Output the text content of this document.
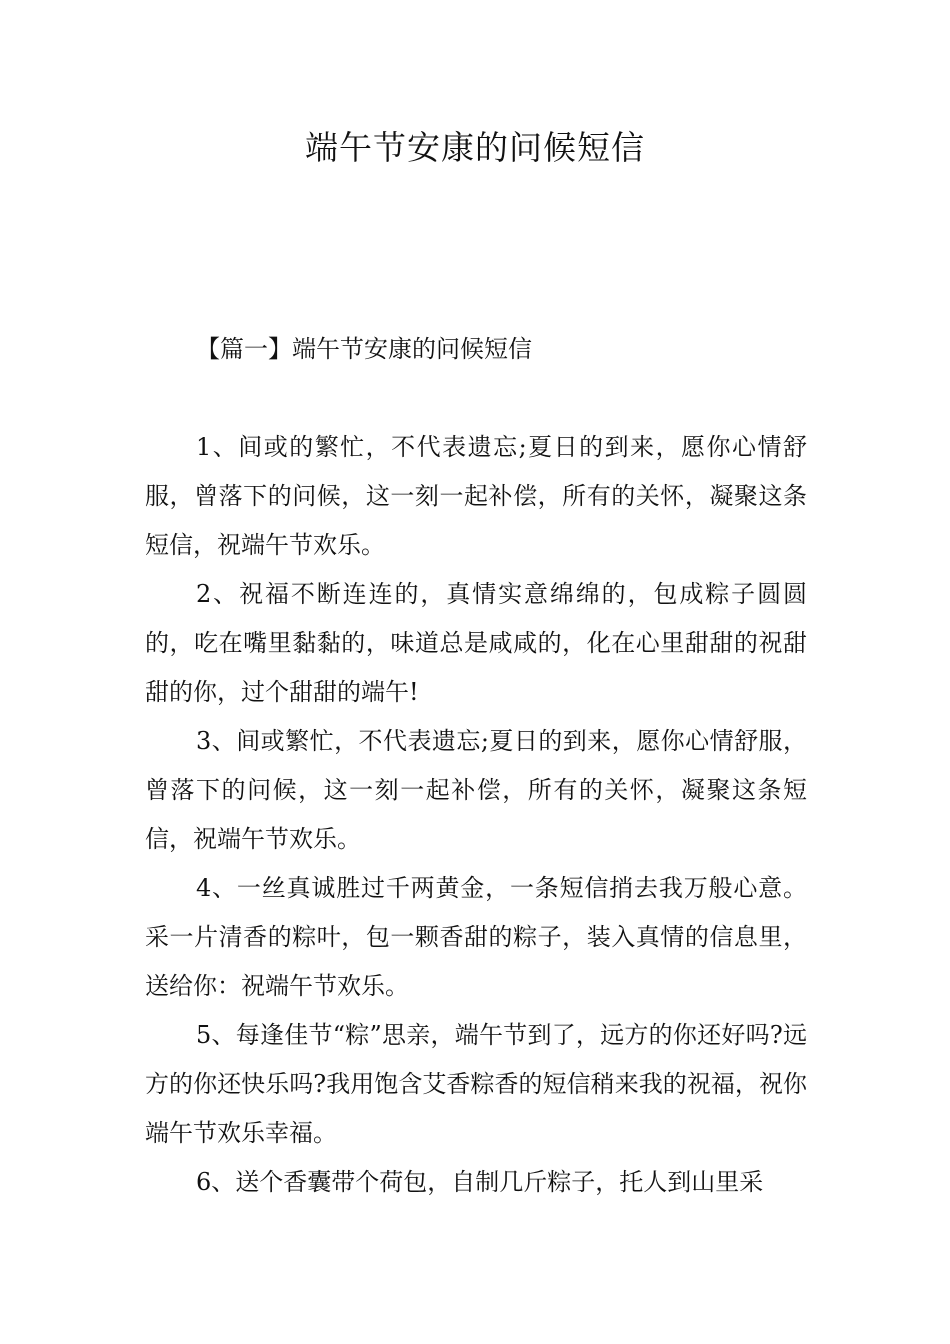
端午节安康的问候短信
【篇一】端午节安康的问候短信

1、间或的繁忙，不代表遗忘;夏日的到来，愿你心情舒服，曾落下的问候，这一刻一起补偿，所有的关怀，凝聚这条短信，祝端午节欢乐。

2、祝福不断连连的，真情实意绵绵的，包成粽子圆圆的，吃在嘴里黏黏的，味道总是咸咸的，化在心里甜甜的祝甜甜的你，过个甜甜的端午!

3、间或繁忙，不代表遗忘;夏日的到来，愿你心情舒服，曾落下的问候，这一刻一起补偿，所有的关怀，凝聚这条短信，祝端午节欢乐。

4、一丝真诚胜过千两黄金，一条短信捎去我万般心意。采一片清香的粽叶，包一颗香甜的粽子，装入真情的信息里，送给你：祝端午节欢乐。

5、每逢佳节“粽”思亲，端午节到了，远方的你还好吗?远方的你还快乐吗?我用饱含艾香粽香的短信稍来我的祝福，祝你端午节欢乐幸福。

6、送个香囊带个荷包，自制几斤粽子，托人到山里采
